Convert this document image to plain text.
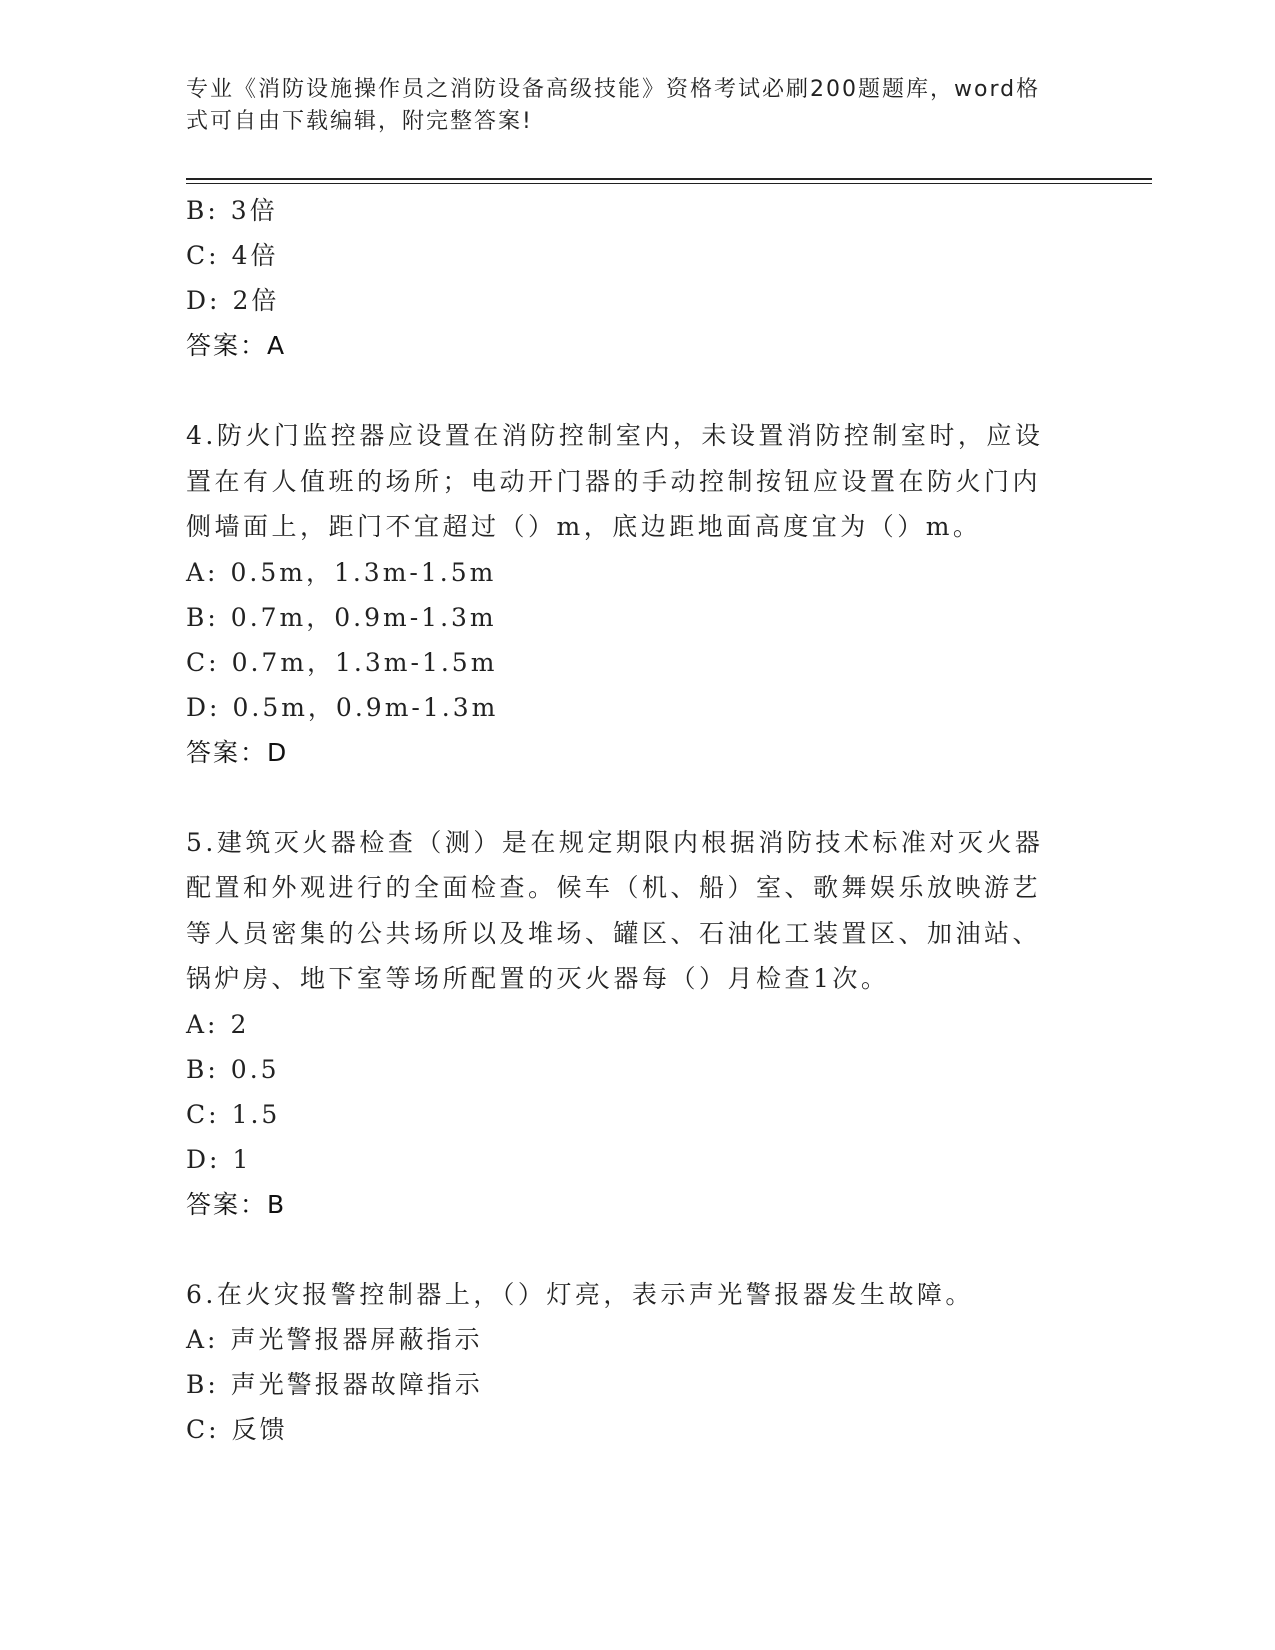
专业《消防设施操作员之消防设备高级技能》资格考试必刷200题题库，word格
式可自由下载编辑，附完整答案!
B: 3倍
C: 4倍
D: 2倍
答案：A
4.防火门监控器应设置在消防控制室内，未设置消防控制室时，应设置在有人值班的场所；电动开门器的手动控制按钮应设置在防火门内侧墙面上，距门不宜超过（）m，底边距地面高度宜为（）m。
A: 0.5m，1.3m-1.5m
B: 0.7m，0.9m-1.3m
C: 0.7m，1.3m-1.5m
D: 0.5m，0.9m-1.3m
答案：D
5.建筑灭火器检查（测）是在规定期限内根据消防技术标准对灭火器配置和外观进行的全面检查。候车（机、船）室、歌舞娱乐放映游艺等人员密集的公共场所以及堆场、罐区、石油化工装置区、加油站、锅炉房、地下室等场所配置的灭火器每（）月检查1次。
A: 2
B: 0.5
C: 1.5
D: 1
答案：B
6.在火灾报警控制器上，（）灯亮，表示声光警报器发生故障。
A: 声光警报器屏蔽指示
B: 声光警报器故障指示
C: 反馈
